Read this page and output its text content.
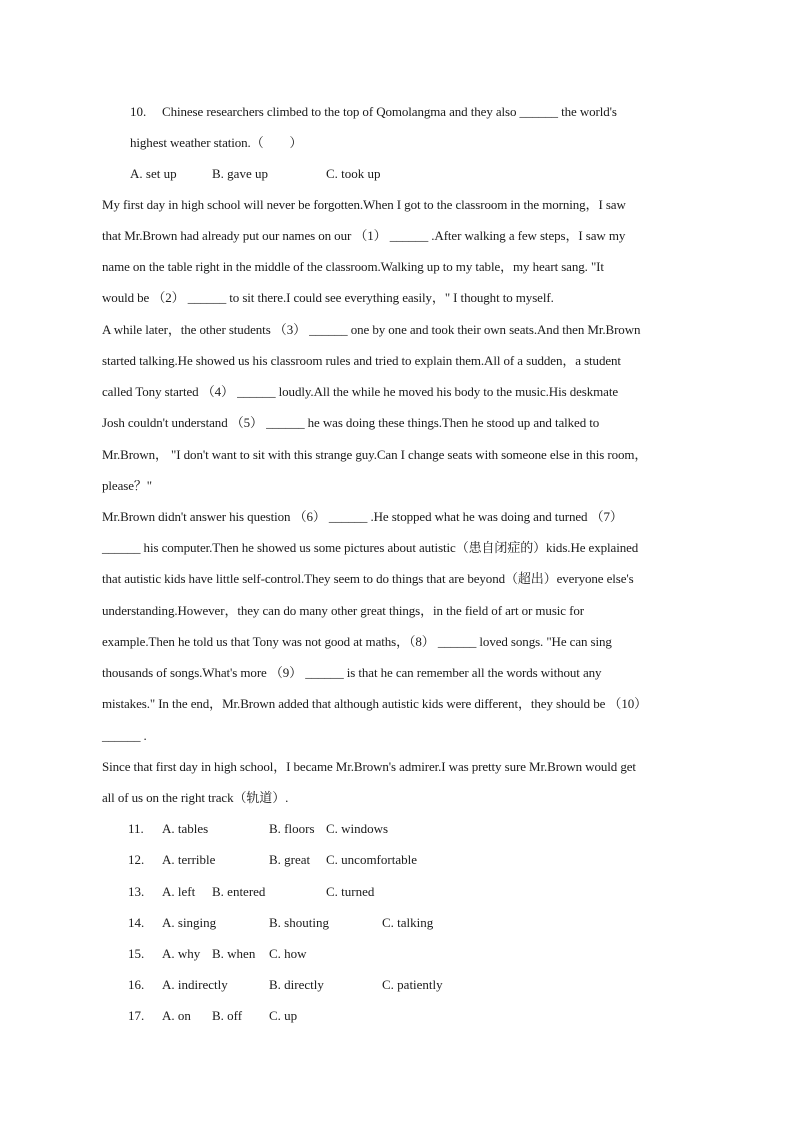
10. Chinese researchers climbed to the top of Qomolangma and they also ______ the world's
highest weather station.（　　）
A. set up	B. gave up	C. took up
My first day in high school will never be forgotten.When I got to the classroom in the morning，I saw
that Mr.Brown had already put our names on our （1） ______ .After walking a few steps，I saw my
name on the table right in the middle of the classroom.Walking up to my table，my heart sang. "It
would be （2） ______ to sit there.I could see everything easily，" I thought to myself.
A while later，the other students （3） ______ one by one and took their own seats.And then Mr.Brown
started talking.He showed us his classroom rules and tried to explain them.All of a sudden，a student
called Tony started （4） ______ loudly.All the while he moved his body to the music.His deskmate
Josh couldn't understand （5） ______ he was doing these things.Then he stood up and talked to
Mr.Brown， "I don't want to sit with this strange guy.Can I change seats with someone else in this room，
please？"
Mr.Brown didn't answer his question （6） ______ .He stopped what he was doing and turned （7）
______ his computer.Then he showed us some pictures about autistic（患自闭症的）kids.He explained
that autistic kids have little self-control.They seem to do things that are beyond（超出）everyone else's
understanding.However，they can do many other great things，in the field of art or music for
example.Then he told us that Tony was not good at maths，（8） ______ loved songs. "He can sing
thousands of songs.What's more （9） ______ is that he can remember all the words without any
mistakes." In the end，Mr.Brown added that although autistic kids were different，they should be （10）
______ .
Since that first day in high school，I became Mr.Brown's admirer.I was pretty sure Mr.Brown would get
all of us on the right track（轨道）.
11. A. tables	B. floors C. windows
12. A. terrible	B. great C. uncomfortable
13. A. left B. entered	C. turned
14. A. singing	B. shouting	C. talking
15. A. why B. when C. how
16. A. indirectly	B. directly	C. patiently
17. A. on B. off C. up
